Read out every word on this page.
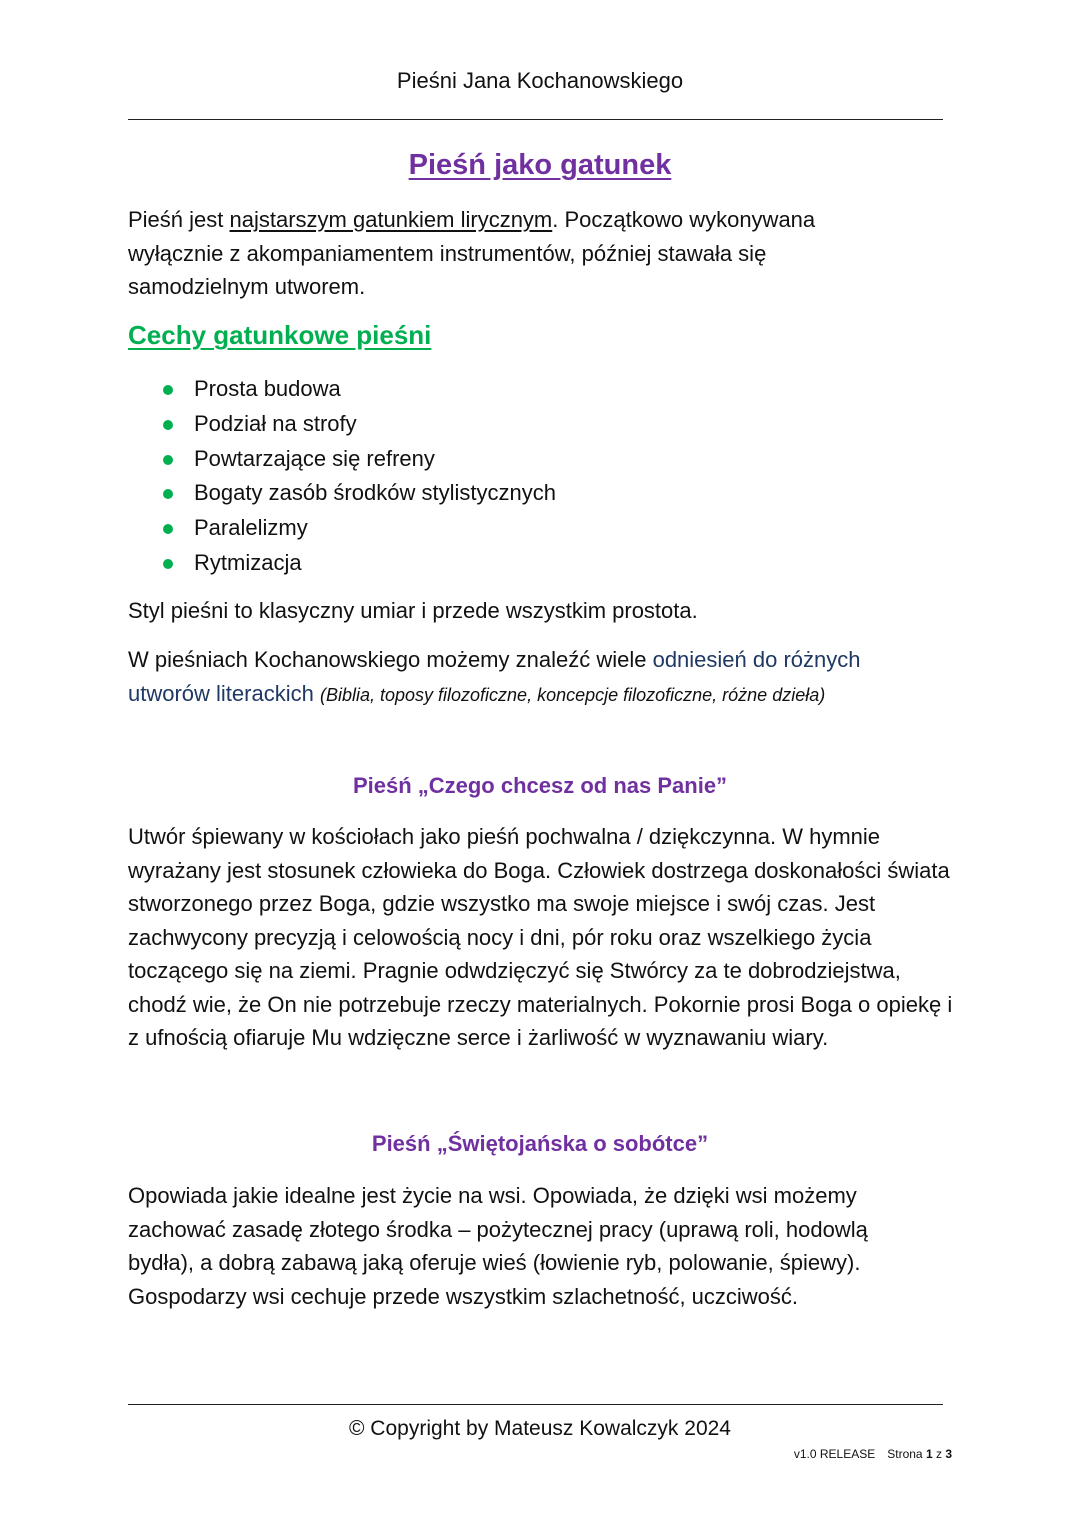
Pieśni Jana Kochanowskiego
Pieśń jako gatunek
Pieśń jest najstarszym gatunkiem lirycznym. Początkowo wykonywana wyłącznie z akompaniamentem instrumentów, później stawała się samodzielnym utworem.
Cechy gatunkowe pieśni
Prosta budowa
Podział na strofy
Powtarzające się refreny
Bogaty zasób środków stylistycznych
Paralelizmy
Rytmizacja
Styl pieśni to klasyczny umiar i przede wszystkim prostota.
W pieśniach Kochanowskiego możemy znaleźć wiele odniesień do różnych utworów literackich (Biblia, toposy filozoficzne, koncepcje filozoficzne, różne dzieła)
Pieśń „Czego chcesz od nas Panie”
Utwór śpiewany w kościołach jako pieśń pochwalna / dziękczynna. W hymnie wyrażany jest stosunek człowieka do Boga. Człowiek dostrzega doskonałości świata stworzonego przez Boga, gdzie wszystko ma swoje miejsce i swój czas. Jest zachwycony precyzją i celowością nocy i dni, pór roku oraz wszelkiego życia toczącego się na ziemi. Pragnie odwdzięczyć się Stwórcy za te dobrodziejstwa, chodź wie, że On nie potrzebuje rzeczy materialnych. Pokornie prosi Boga o opiekę i z ufnością ofiaruje Mu wdzięczne serce i żarliwość w wyznawaniu wiary.
Pieśń „Świętojańska o sobótce”
Opowiada jakie idealne jest życie na wsi. Opowiada, że dzięki wsi możemy zachować zasadę złotego środka – pożytecznej pracy (uprawą roli, hodowlą bydła), a dobrą zabawą jaką oferuje wieś (łowienie ryb, polowanie, śpiewy). Gospodarzy wsi cechuje przede wszystkim szlachetność, uczciwość.
© Copyright by Mateusz Kowalczyk 2024
v1.0 RELEASE Strona 1 z 3
